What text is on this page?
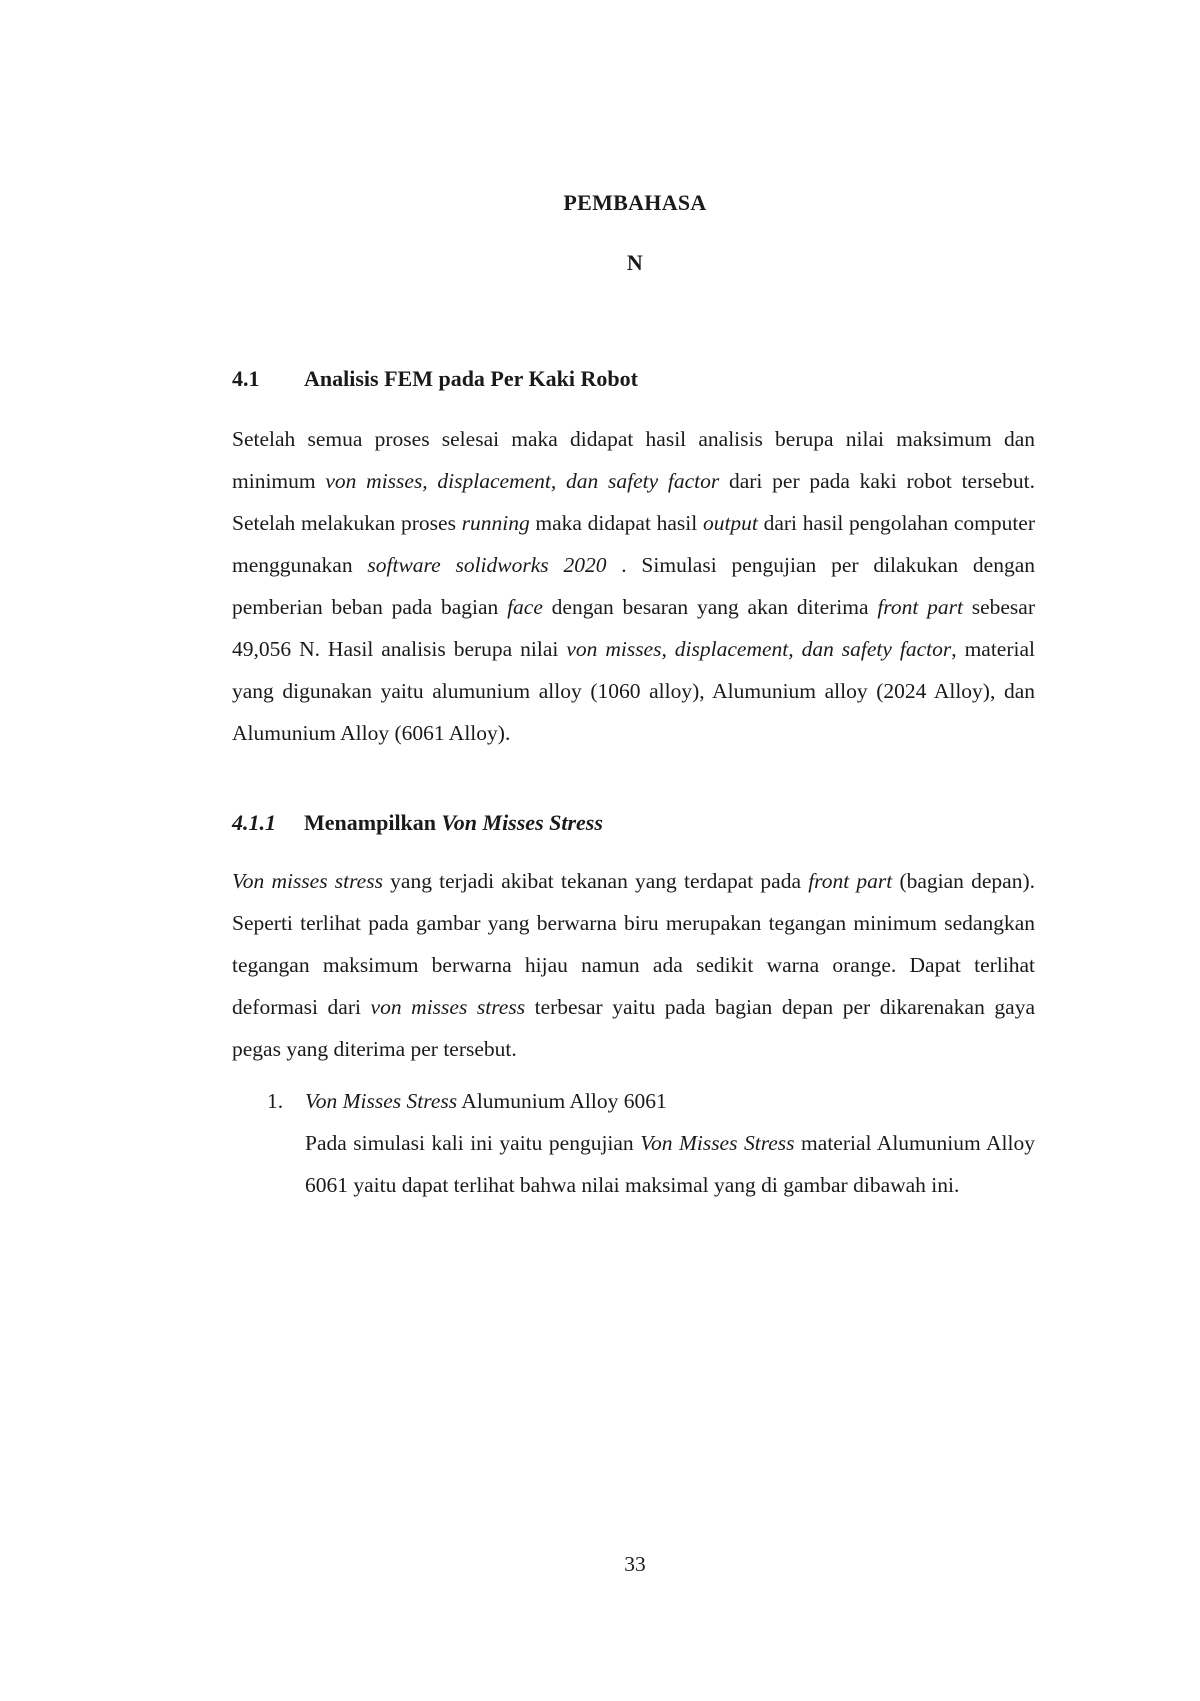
PEMBAHASA
N
4.1 Analisis FEM pada Per Kaki Robot
Setelah semua proses selesai maka didapat hasil analisis berupa nilai maksimum dan minimum von misses, displacement, dan safety factor dari per pada kaki robot tersebut. Setelah melakukan proses running maka didapat hasil output dari hasil pengolahan computer menggunakan software solidworks 2020 . Simulasi pengujian per dilakukan dengan pemberian beban pada bagian face dengan besaran yang akan diterima front part sebesar 49,056 N. Hasil analisis berupa nilai von misses, displacement, dan safety factor, material yang digunakan yaitu alumunium alloy (1060 alloy), Alumunium alloy (2024 Alloy), dan Alumunium Alloy (6061 Alloy).
4.1.1 Menampilkan Von Misses Stress
Von misses stress yang terjadi akibat tekanan yang terdapat pada front part (bagian depan). Seperti terlihat pada gambar yang berwarna biru merupakan tegangan minimum sedangkan tegangan maksimum berwarna hijau namun ada sedikit warna orange. Dapat terlihat deformasi dari von misses stress terbesar yaitu pada bagian depan per dikarenakan gaya pegas yang diterima per tersebut.
1. Von Misses Stress Alumunium Alloy 6061
Pada simulasi kali ini yaitu pengujian Von Misses Stress material Alumunium Alloy 6061 yaitu dapat terlihat bahwa nilai maksimal yang di gambar dibawah ini.
33
